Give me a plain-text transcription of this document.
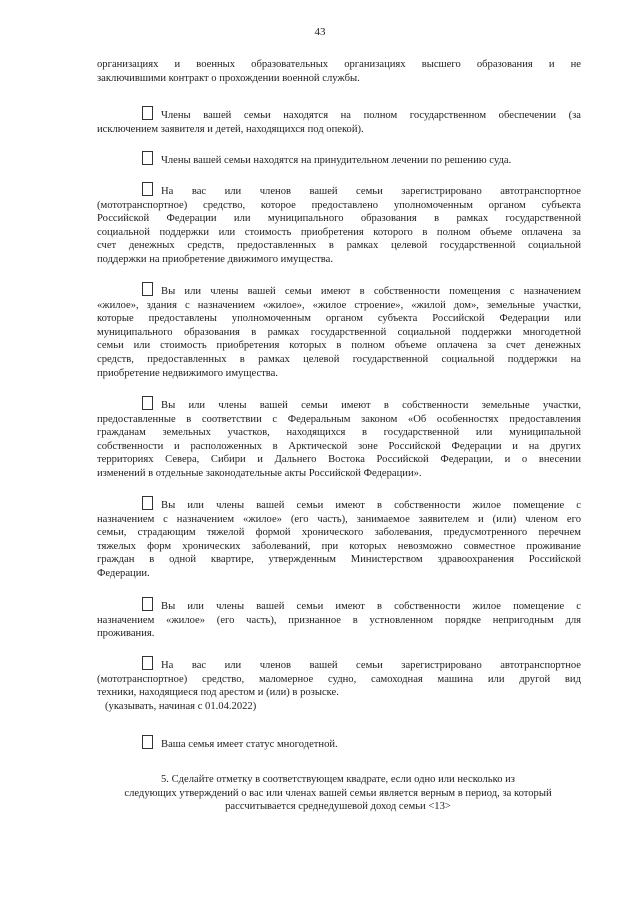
43
организациях и военных образовательных организациях высшего образования и не
заключившими контракт о прохождении военной службы.
Члены вашей семьи находятся на полном государственном обеспечении (за
исключением заявителя и детей, находящихся под опекой).
Члены вашей семьи находятся на принудительном лечении по решению суда.
На вас или членов вашей семьи зарегистрировано автотранспортное
(мототранспортное) средство, которое предоставлено уполномоченным органом субъекта
Российской Федерации или муниципального образования в рамках государственной
социальной поддержки или стоимость приобретения которого в полном объеме оплачена за
счет денежных средств, предоставленных в рамках целевой государственной социальной
поддержки на приобретение движимого имущества.
Вы или члены вашей семьи имеют в собственности помещения с назначением
«жилое», здания с назначением «жилое», «жилое строение», «жилой дом», земельные участки,
которые предоставлены уполномоченным органом субъекта Российской Федерации или
муниципального образования в рамках государственной социальной поддержки многодетной
семьи или стоимость приобретения которых в полном объеме оплачена за счет денежных
средств, предоставленных в рамках целевой государственной социальной поддержки на
приобретение недвижимого имущества.
Вы или члены вашей семьи имеют в собственности земельные участки,
предоставленные в соответствии с Федеральным законом «Об особенностях предоставления
гражданам земельных участков, находящихся в государственной или муниципальной
собственности и расположенных в Арктической зоне Российской Федерации и на других
территориях Севера, Сибири и Дальнего Востока Российской Федерации, и о внесении
изменений в отдельные законодательные акты Российской Федерации».
Вы или члены вашей семьи имеют в собственности жилое помещение с
назначением с назначением «жилое» (его часть), занимаемое заявителем и (или) членом его
семьи, страдающим тяжелой формой хронического заболевания, предусмотренного перечнем
тяжелых форм хронических заболеваний, при которых невозможно совместное проживание
граждан в одной квартире, утвержденным Министерством здравоохранения Российской
Федерации.
Вы или члены вашей семьи имеют в собственности жилое помещение с
назначением «жилое» (его часть), признанное в устновленном порядке непригодным для
проживания.
На вас или членов вашей семьи зарегистрировано автотранспортное
(мототранспортное) средство, маломерное судно, самоходная машина или другой вид
техники, находящиеся под арестом и (или) в розыске.
(указывать, начиная с 01.04.2022)
Ваша семья имеет статус многодетной.
5. Сделайте отметку в соответствующем квадрате, если одно или несколько из
следующих утверждений о вас или членах вашей семьи является верным в период, за который
рассчитывается среднедушевой доход семьи <13>
